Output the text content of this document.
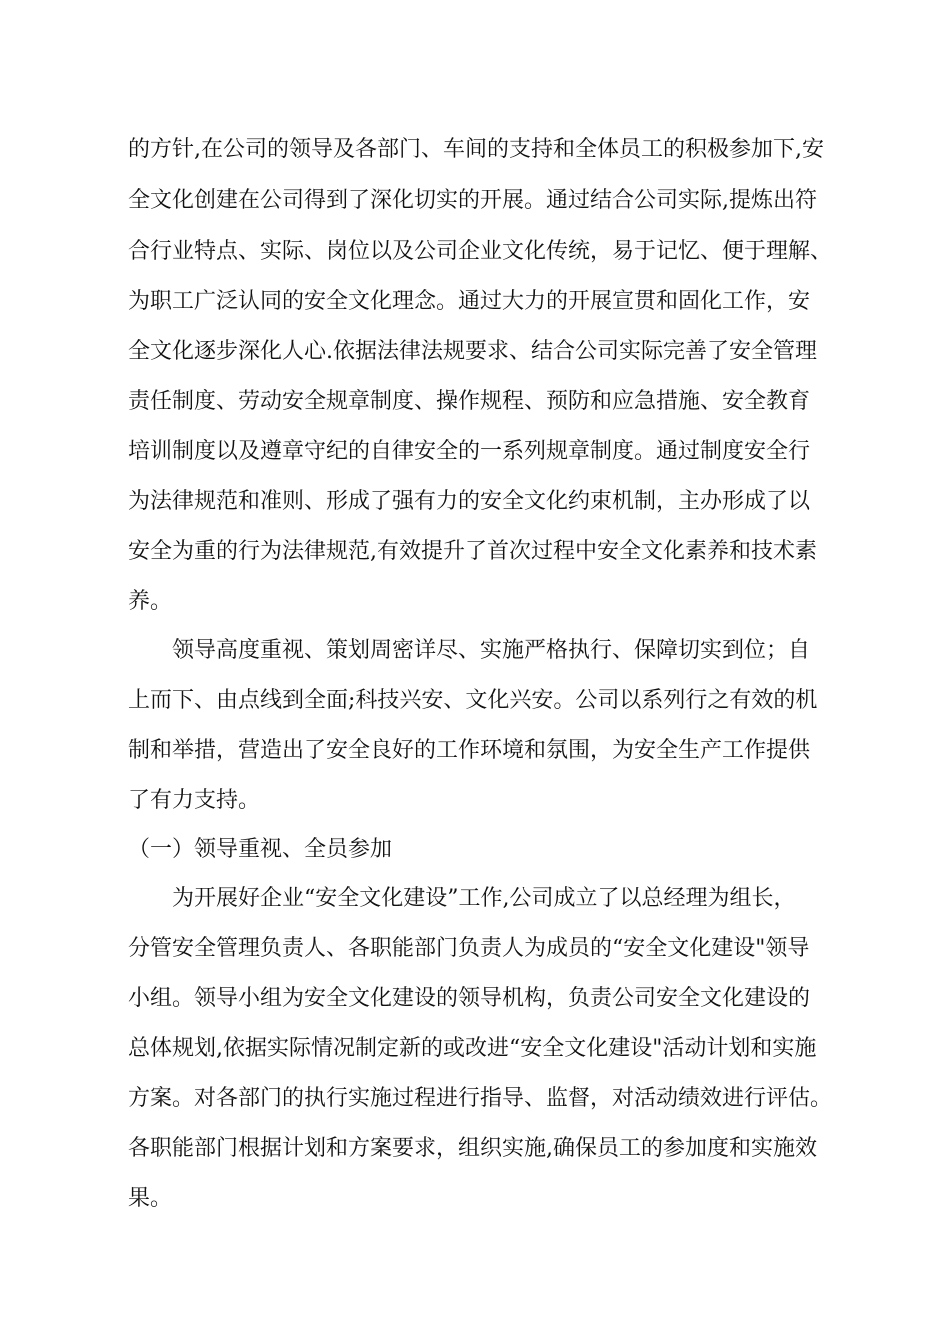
的方针,在公司的领导及各部门、车间的支持和全体员工的积极参加下,安
全文化创建在公司得到了深化切实的开展。通过结合公司实际,提炼出符
合行业特点、实际、岗位以及公司企业文化传统，易于记忆、便于理解、
为职工广泛认同的安全文化理念。通过大力的开展宣贯和固化工作，安
全文化逐步深化人心.依据法律法规要求、结合公司实际完善了安全管理
责任制度、劳动安全规章制度、操作规程、预防和应急措施、安全教育
培训制度以及遵章守纪的自律安全的一系列规章制度。通过制度安全行
为法律规范和准则、形成了强有力的安全文化约束机制，主办形成了以
安全为重的行为法律规范,有效提升了首次过程中安全文化素养和技术素
养。
领导高度重视、策划周密详尽、实施严格执行、保障切实到位；自
上而下、由点线到全面;科技兴安、文化兴安。公司以系列行之有效的机
制和举措，营造出了安全良好的工作环境和氛围，为安全生产工作提供
了有力支持。
（一）领导重视、全员参加
为开展好企业“安全文化建设”工作,公司成立了以总经理为组长，
分管安全管理负责人、各职能部门负责人为成员的“安全文化建设"领导
小组。领导小组为安全文化建设的领导机构，负责公司安全文化建设的
总体规划,依据实际情况制定新的或改进“安全文化建设"活动计划和实施
方案。对各部门的执行实施过程进行指导、监督，对活动绩效进行评估。
各职能部门根据计划和方案要求，组织实施,确保员工的参加度和实施效
果。
